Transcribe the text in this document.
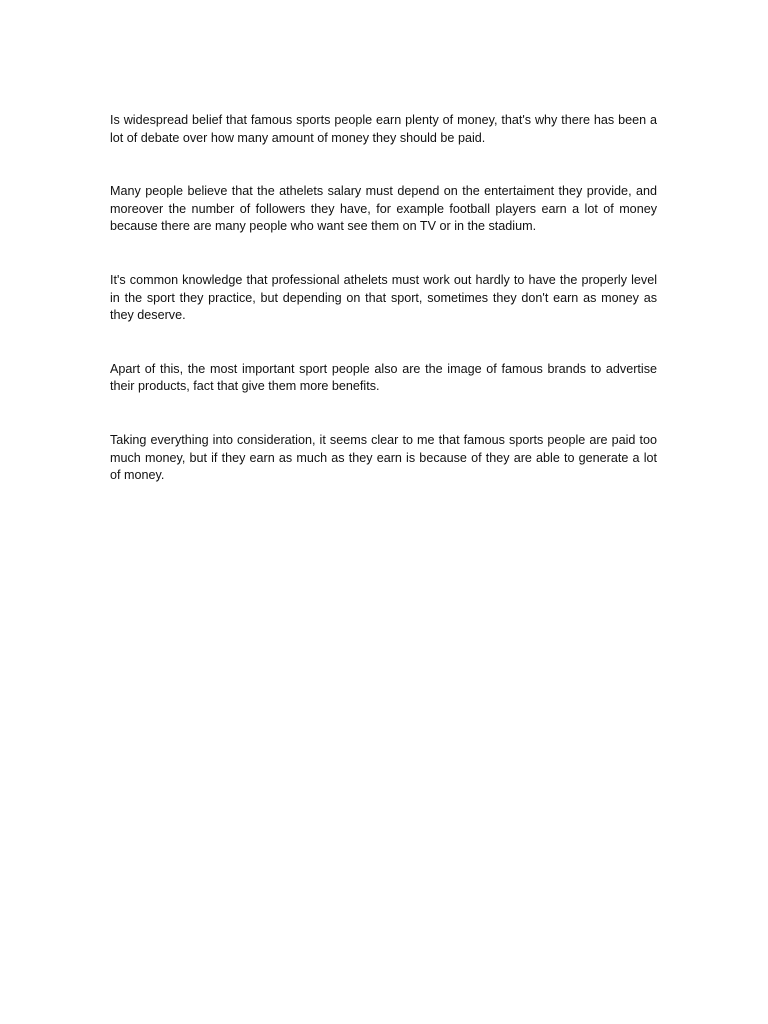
Is widespread belief that famous sports people earn plenty of money, that's why there has been a lot of debate over how many amount of money they should be paid.

Many people believe that the athelets salary must depend on the entertaiment they provide, and moreover the number of followers they have, for example football players earn a lot of money because there are many people who want see them on TV or in the stadium.

It's common knowledge that professional athelets must work out hardly to have the properly level in the sport they practice, but depending on that sport, sometimes they don't earn as money as they deserve.

Apart of this, the most important sport people also are the image of famous brands to advertise their products, fact that give them more benefits.

Taking everything into consideration, it seems clear to me that famous sports people are paid too much money, but if they earn as much as they earn is because of they are able to generate a lot of money.
